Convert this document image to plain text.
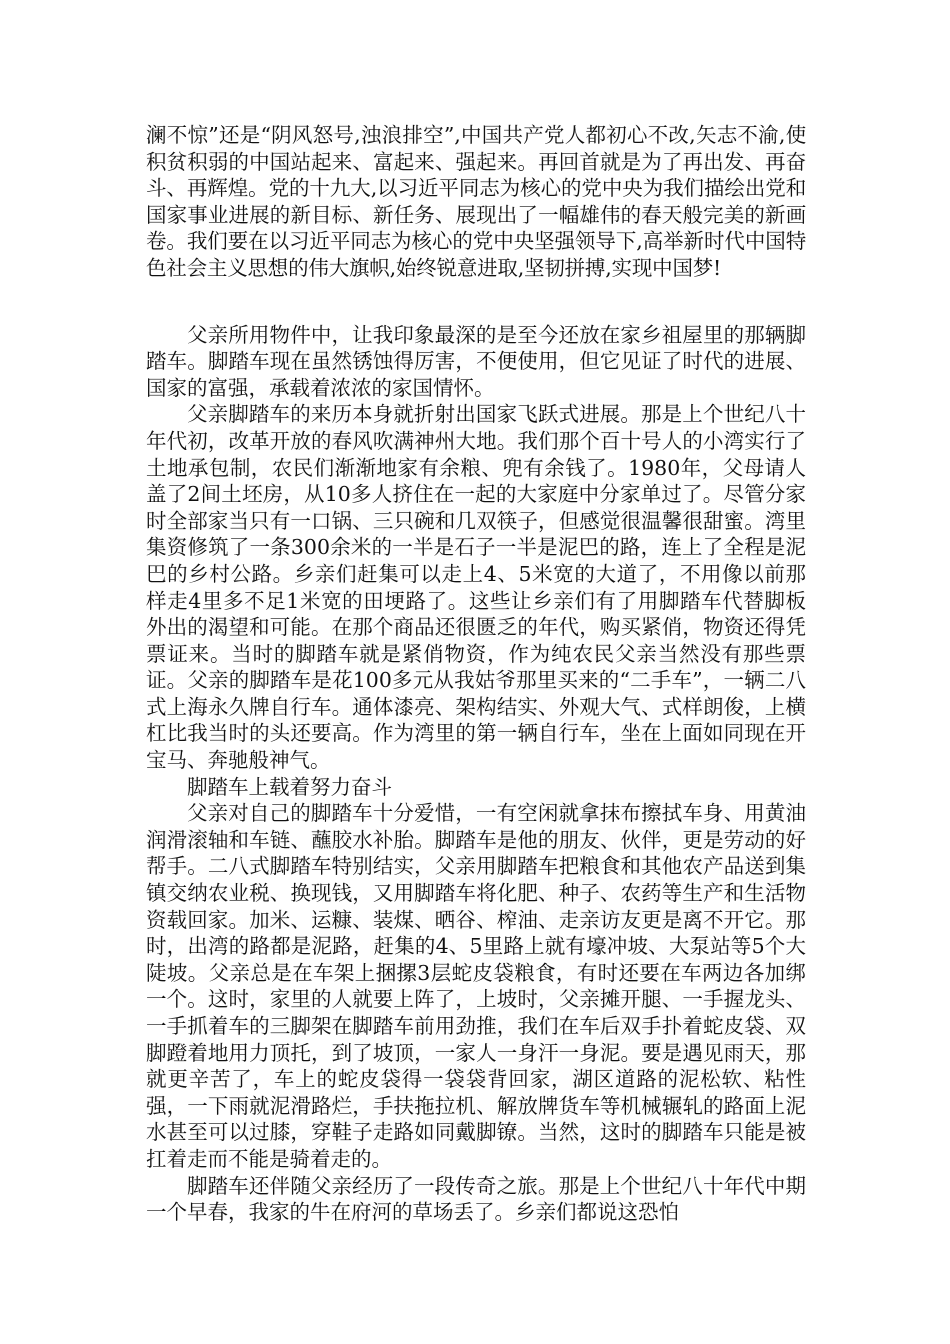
澜不惊”还是“阴风怒号,浊浪排空”,中国共产党人都初心不改,矢志不渝,使积贫积弱的中国站起来、富起来、强起来。再回首就是为了再出发、再奋斗、再辉煌。党的十九大,以习近平同志为核心的党中央为我们描绘出党和国家事业进展的新目标、新任务、展现出了一幅雄伟的春天般完美的新画卷。我们要在以习近平同志为核心的党中央坚强领导下,高举新时代中国特色社会主义思想的伟大旗帜,始终锐意进取,坚韧拼搏,实现中国梦!

父亲所用物件中，让我印象最深的是至今还放在家乡祖屋里的那辆脚踏车。脚踏车现在虽然锈蚀得厉害，不便使用，但它见证了时代的进展、国家的富强，承载着浓浓的家国情怀。

父亲脚踏车的来历本身就折射出国家飞跃式进展。那是上个世纪八十年代初，改革开放的春风吹满神州大地。我们那个百十号人的小湾实行了土地承包制，农民们渐渐地家有余粮、兜有余钱了。1980年，父母请人盖了2间土坯房，从10多人挤住在一起的大家庭中分家单过了。尽管分家时全部家当只有一口锅、三只碗和几双筷子，但感觉很温馨很甜蜜。湾里集资修筑了一条300余米的一半是石子一半是泥巴的路，连上了全程是泥巴的乡村公路。乡亲们赶集可以走上4、5米宽的大道了，不用像以前那样走4里多不足1米宽的田埂路了。这些让乡亲们有了用脚踏车代替脚板外出的渴望和可能。在那个商品还很匮乏的年代，购买紧俏，物资还得凭票证来。当时的脚踏车就是紧俏物资，作为纯农民父亲当然没有那些票证。父亲的脚踏车是花100多元从我姑爷那里买来的“二手车”，一辆二八式上海永久牌自行车。通体漆亮、架构结实、外观大气、式样朗俊，上横杠比我当时的头还要高。作为湾里的第一辆自行车，坐在上面如同现在开宝马、奔驰般神气。

脚踏车上载着努力奋斗

父亲对自己的脚踏车十分爱惜，一有空闲就拿抹布擦拭车身、用黄油润滑滚轴和车链、蘸胶水补胎。脚踏车是他的朋友、伙伴，更是劳动的好帮手。二八式脚踏车特别结实，父亲用脚踏车把粮食和其他农产品送到集镇交纳农业税、换现钱，又用脚踏车将化肥、种子、农药等生产和生活物资载回家。加米、运糠、装煤、晒谷、榨油、走亲访友更是离不开它。那时，出湾的路都是泥路，赶集的4、5里路上就有壕冲坡、大泵站等5个大陡坡。父亲总是在车架上捆摞3层蛇皮袋粮食，有时还要在车两边各加绑一个。这时，家里的人就要上阵了，上坡时，父亲摊开腿、一手握龙头、一手抓着车的三脚架在脚踏车前用劲推，我们在车后双手扑着蛇皮袋、双脚蹬着地用力顶托，到了坡顶，一家人一身汗一身泥。要是遇见雨天，那就更辛苦了，车上的蛇皮袋得一袋袋背回家，湖区道路的泥松软、粘性强，一下雨就泥滑路烂，手扶拖拉机、解放牌货车等机械辗轧的路面上泥水甚至可以过膝，穿鞋子走路如同戴脚镣。当然，这时的脚踏车只能是被扛着走而不能是骑着走的。

脚踏车还伴随父亲经历了一段传奇之旅。那是上个世纪八十年代中期一个早春，我家的牛在府河的草场丢了。乡亲们都说这恐怕
